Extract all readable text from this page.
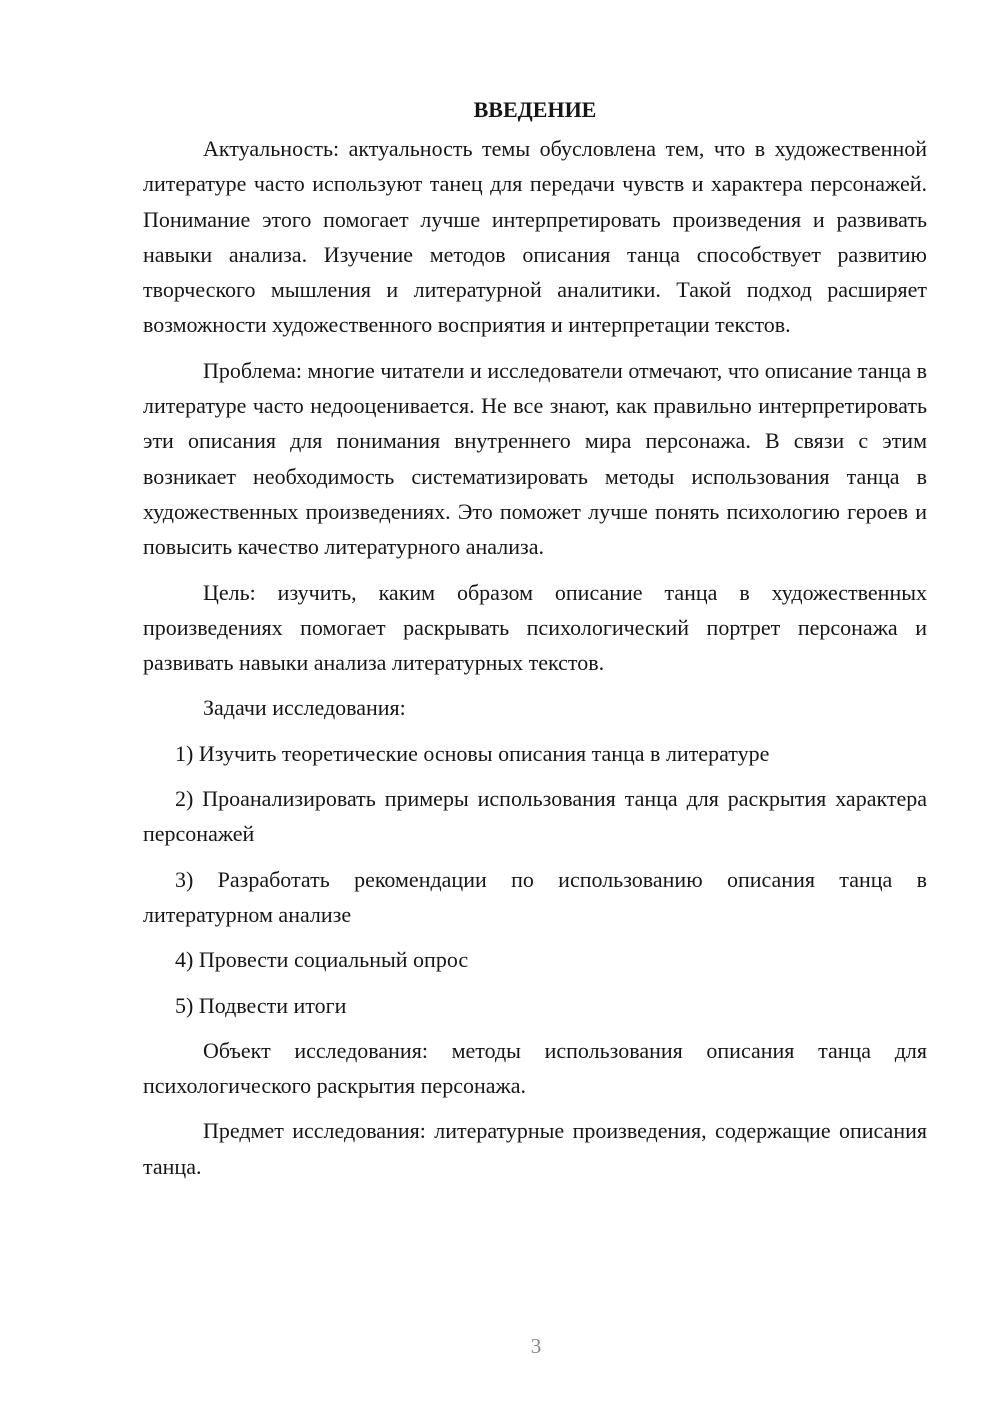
ВВЕДЕНИЕ

Актуальность: актуальность темы обусловлена тем, что в художественной литературе часто используют танец для передачи чувств и характера персонажей. Понимание этого помогает лучше интерпретировать произведения и развивать навыки анализа. Изучение методов описания танца способствует развитию творческого мышления и литературной аналитики. Такой подход расширяет возможности художественного восприятия и интерпретации текстов.

Проблема: многие читатели и исследователи отмечают, что описание танца в литературе часто недооценивается. Не все знают, как правильно интерпретировать эти описания для понимания внутреннего мира персонажа. В связи с этим возникает необходимость систематизировать методы использования танца в художественных произведениях. Это поможет лучше понять психологию героев и повысить качество литературного анализа.

Цель: изучить, каким образом описание танца в художественных произведениях помогает раскрывать психологический портрет персонажа и развивать навыки анализа литературных текстов.

Задачи исследования:

1) Изучить теоретические основы описания танца в литературе

2) Проанализировать примеры использования танца для раскрытия характера персонажей

3) Разработать рекомендации по использованию описания танца в литературном анализе

4) Провести социальный опрос

5) Подвести итоги

Объект исследования: методы использования описания танца для психологического раскрытия персонажа.

Предмет исследования: литературные произведения, содержащие описания танца.

3
